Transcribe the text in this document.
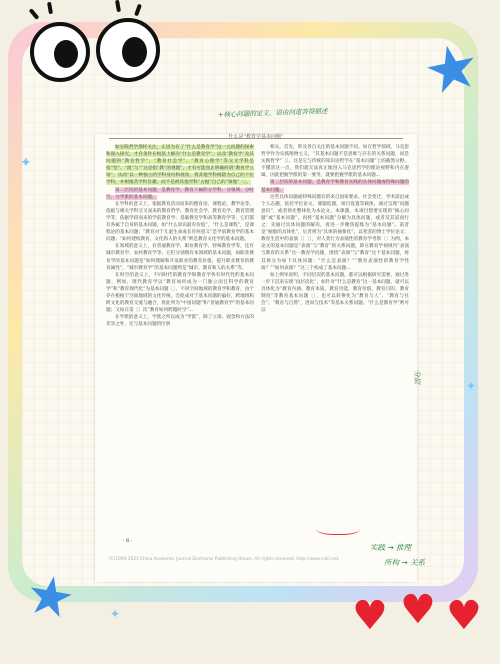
★
★
✦
✦
✦	♥ ♥ ♥
+核心问题的定义，语由问道答得描述
什么是“教育学基本问题”

如实践哲学那样关注，正因为有了“什么是教育学”这一元问题的探索和深入探究，才有条件在根基上解决“什么是教育学”、以及“教育学”及其问题的“教育哲学”、“教育社会学”、“教育心理学”等交叉学科是指“型”、“流”与“”这是指“教”的难题”，才有可能真正明确何谓“教育学立场”，从而“以一种独立的学科身份和视角，将其他学科统辖为自己的下位学科，并根植其学科旨趣，而不是被其他学科“占据”自己的“领地”〔〕。

第二层次的基本问题，是教育学、教育下属的分学科、分领域、分时空、分学派的基本问题。

在学科的意义上，依据教育活动而来的德育论、课程论、教学论等，依据与相关学科交叉而来的教育哲学、教育社会学、教育史学、教育管理学等，依据学段而来的学前教育学、基础教育学和高等教育学等，它们都有各属于自身的基本问题，如“什么知识最有价值”、“什么是课程”，是课程论的基本问题；“教育对于儿童生命成长有何意义”是学前教育学的基本问题；“如何建构教育、文化和人的关系”则是教育文化学的基本问题。

在领域的意义上，有普通教育学、职业教育学、特殊教育学等，还有城市教育学、农村教育学等，它们分别拥有本领域的基本问题，如职业教育学的基本问题是“如何理解和开发职业的教育价值，提升职业教育的教育属性”，“城市教育学”的基本问题则是“城市、教育和人的关系”等。

在时空的意义上，不同时代的教育学和教育学各有时代性的基本问题，例如，现代教育学以“教育如何成为一门独立而且科学的教育学”和“教育现代化”为基本问题〔〕，不同空间地域的教育学和教育，由于存在根植于空间地域的文化传统，会促成对于基本问题的偏好，跨地域和跨文化的教育交流与融合，将此列为“中国问题”和“普通教育学”的基本问题；又如在第〔〕次“教育如何跨越时空”...

在学派的意义上，学派之所以成为“学派”，除了立场、观念和方法的差异之外，还与基本问题的区别

相关。首先，涉及各自关注的基本问题不同。如在哲学领域，马克思哲学作为实践唯物主义，“其基本问题不是思维与存在的关系问题，而是实践哲学”〔〕，这是它与传统的知识论哲学在“基本问题”上的截然分野。不懂清这一点，我们就无法真正地进入马克思哲学的理论视野和内在逻辑，因此把握学派的第一要务，就要把握学派的基本问题...

第三层次的基本问题，是教育学和教育实践的具体问题或特殊问题的基本问题。

这些具体问题或特殊问题有的来自国家要求、社会变迁，学术前沿或个人志趣，依托学位论文，课题选题，项目设置等载体，通过呈现“问题意识”，或者预先整体化为本论文、本课题，本项目想要实现的“核心问题”或“基本问题”。再将“基本问题”分解为具体问题，或者反其道而行之：先通过具体问题的解决，再进一步聚焦提炼为“基本问题”。前者是“抽象的具体化”，后者则为“具体的抽象化”。以笔者的博士学位论文：教育生活中的表演〔〕〔〕，对人类行为表演性的教育学考察〔〕为例，本论文的基本问题是“表演”与“教育”的关系问题，即在教育学视域内“表演与教育的关系”这一教育学问题，围绕“表演”与“教育”这个基本问题，将其拆分为如下具体问题：“什么是表演？”“教育表演性的教育学性质？”“如何表演？”这三个构成了基本问题...

如上例举说明，不同层次的基本问题，都可以根据研究需要，通过进一步下沉来实现“再层次化”，如针对“什么是教育”这一基本问题，就可以具体化为“教育内涵、教育本质、教育功能、教育价值、教育目的、教育制度”等教育基本问题〔〕，也可以转换化为“教育与人”、“教育与社会”、“教育与自然”，进而与技术“等基本关系问题。“什么是教育学”则可以

· 6 ·
(C)1994-2023 China Academic Journal Electronic Publishing House. All rights reserved. http://www.cnki.net
分层
实践 → 推理
所构 → 关系
